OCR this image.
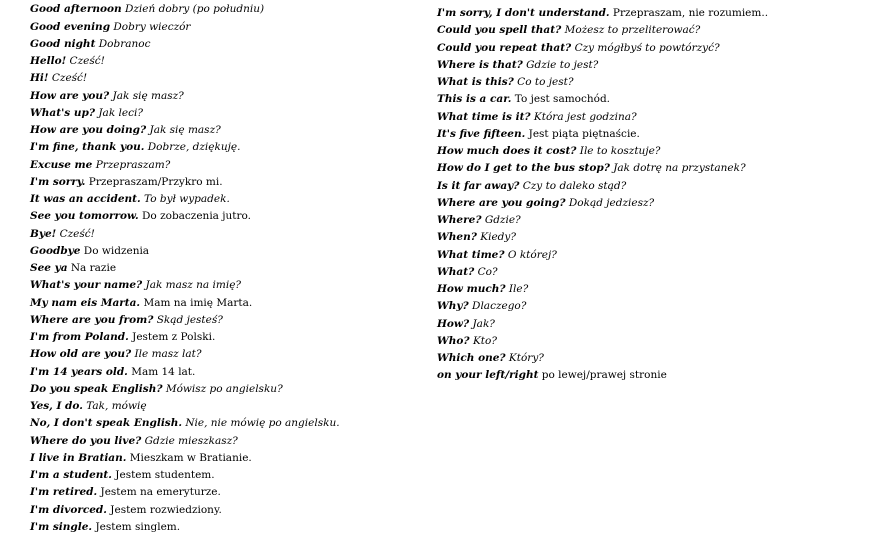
Good afternoon Dzień dobry (po południu)
Good evening Dobry wieczór
Good night Dobranoc
Hello! Cześć!
Hi! Cześć!
How are you? Jak się masz?
What's up? Jak leci?
How are you doing? Jak się masz?
I'm fine, thank you. Dobrze, dziękuję.
Excuse me Przepraszam?
I'm sorry. Przepraszam/Przykro mi.
It was an accident. To był wypadek.
See you tomorrow. Do zobaczenia jutro.
Bye! Cześć!
Goodbye Do widzenia
See ya Na razie
What's your name? Jak masz na imię?
My nam eis Marta. Mam na imię Marta.
Where are you from? Skąd jesteś?
I'm from Poland. Jestem z Polski.
How old are you? Ile masz lat?
I'm 14 years old. Mam 14 lat.
Do you speak English? Mówisz po angielsku?
Yes, I do. Tak, mówię
No, I don't speak English. Nie, nie mówię po angielsku.
Where do you live? Gdzie mieszkasz?
I live in Bratian. Mieszkam w Bratianie.
I'm a student. Jestem studentem.
I'm retired. Jestem na emeryturze.
I'm divorced. Jestem rozwiedziony.
I'm single. Jestem singlem.
I'm sorry, I don't understand. Przepraszam, nie rozumiem..
Could you spell that? Możesz to przeliterować?
Could you repeat that? Czy mógłbyś to powtórzyć?
Where is that? Gdzie to jest?
What is this? Co to jest?
This is a car. To jest samochód.
What time is it? Która jest godzina?
It's five fifteen. Jest piąta piętnaście.
How much does it cost? Ile to kosztuje?
How do I get to the bus stop? Jak dotrę na przystanek?
Is it far away? Czy to daleko stąd?
Where are you going? Dokąd jedziesz?
Where? Gdzie?
When? Kiedy?
What time? O której?
What? Co?
How much? Ile?
Why? Dlaczego?
How? Jak?
Who? Kto?
Which one? Który?
on your left/right po lewej/prawej stronie
